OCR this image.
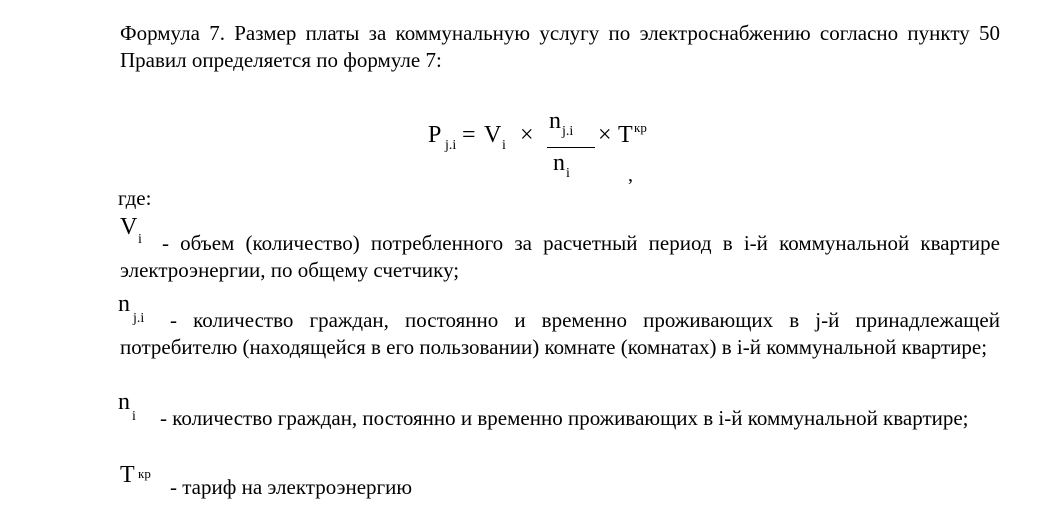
Формула 7. Размер платы за коммунальную услугу по электроснабжению согласно пункту 50 Правил определяется по формуле 7:
P j.i = V i ×
n j.i
n i
× T кр
,
где:
V i - объем (количество) потребленного за расчетный период в i-й коммунальной квартире электроэнергии, по общему счетчику;
n
j.i	- количество граждан, постоянно и временно проживающих в j-й принадлежащей потребителю (находящейся в его пользовании) комнате (комнатах) в i-й коммунальной квартире;
n
i	- количество граждан, постоянно и временно проживающих в i-й коммунальной квартире;
T кр
- тариф на электроэнергию
